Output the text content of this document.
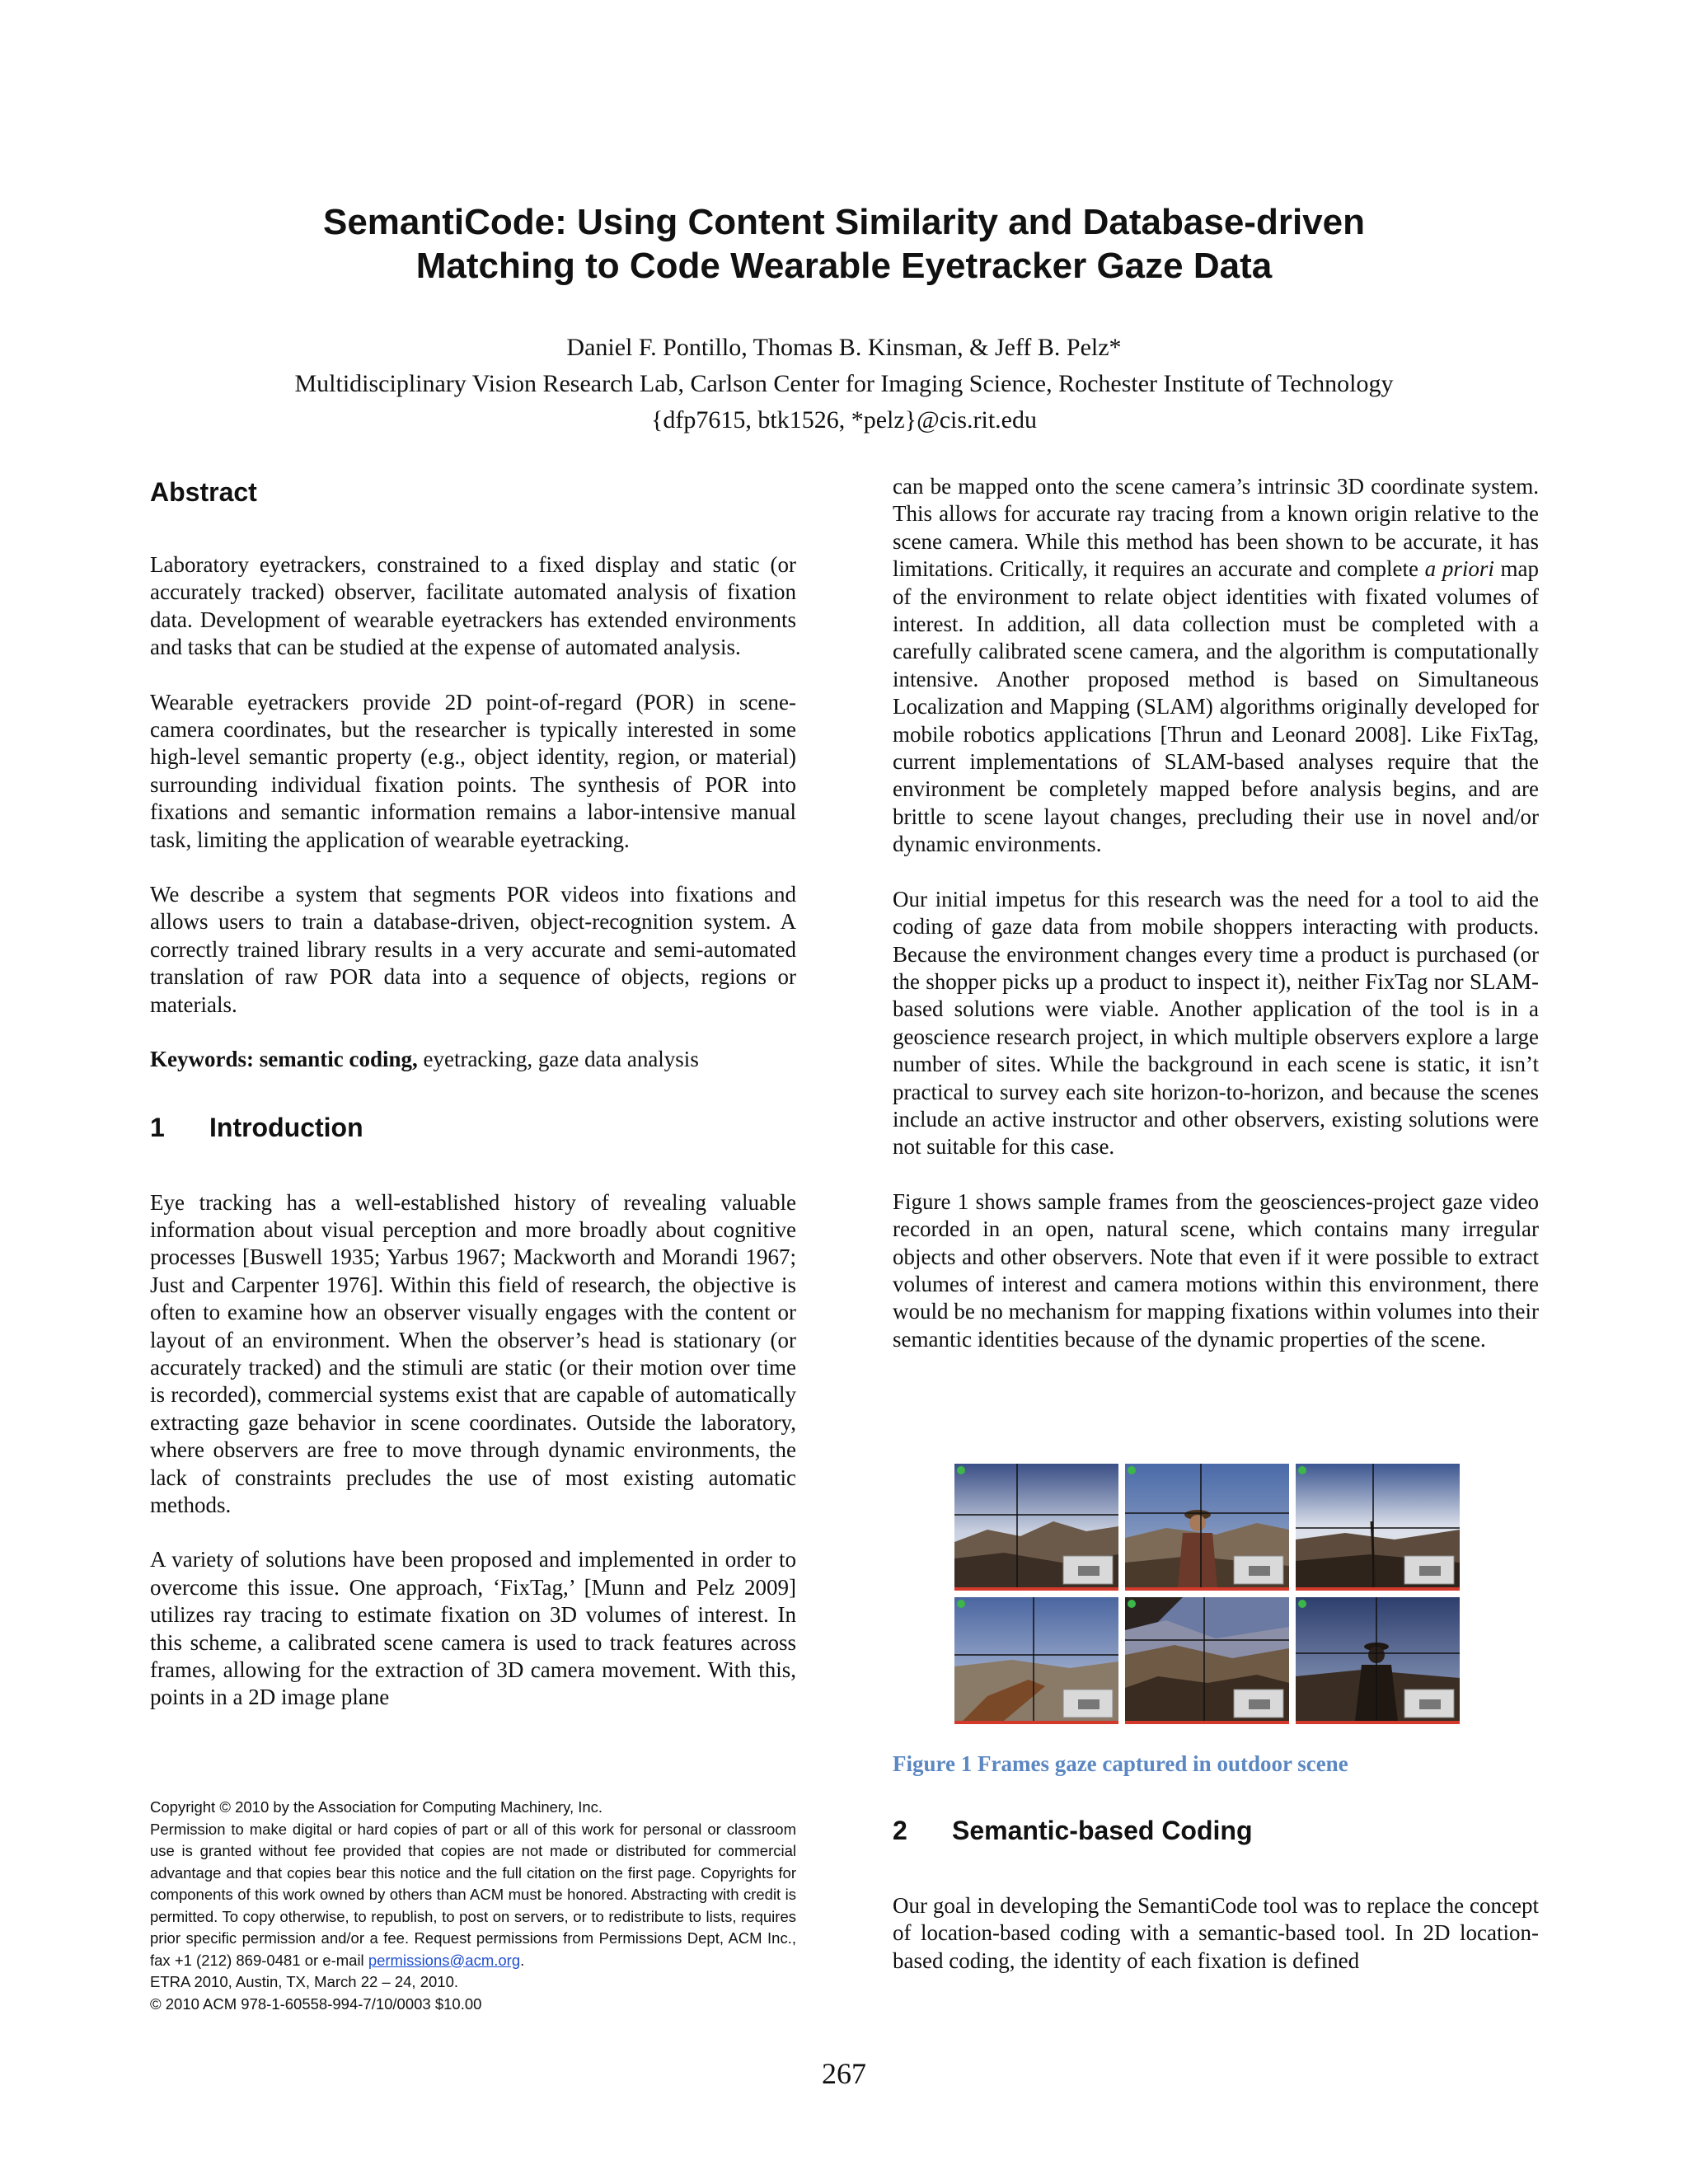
SemantiCode: Using Content Similarity and Database-driven
Matching to Code Wearable Eyetracker Gaze Data
Daniel F. Pontillo, Thomas B. Kinsman, & Jeff B. Pelz*
Multidisciplinary Vision Research Lab, Carlson Center for Imaging Science, Rochester Institute of Technology
{dfp7615, btk1526, *pelz}@cis.rit.edu
Abstract

Laboratory eyetrackers, constrained to a fixed display and static (or accurately tracked) observer, facilitate automated analysis of fixation data. Development of wearable eyetrackers has extended environments and tasks that can be studied at the expense of automated analysis.

Wearable eyetrackers provide 2D point-of-regard (POR) in scene-camera coordinates, but the researcher is typically interested in some high-level semantic property (e.g., object identity, region, or material) surrounding individual fixation points. The synthesis of POR into fixations and semantic information remains a labor-intensive manual task, limiting the application of wearable eyetracking.

We describe a system that segments POR videos into fixations and allows users to train a database-driven, object-recognition system. A correctly trained library results in a very accurate and semi-automated translation of raw POR data into a sequence of objects, regions or materials.

Keywords: semantic coding, eyetracking, gaze data analysis
1 Introduction

Eye tracking has a well-established history of revealing valuable information about visual perception and more broadly about cognitive processes [Buswell 1935; Yarbus 1967; Mackworth and Morandi 1967; Just and Carpenter 1976]. Within this field of research, the objective is often to examine how an observer visually engages with the content or layout of an environment. When the observer’s head is stationary (or accurately tracked) and the stimuli are static (or their motion over time is recorded), commercial systems exist that are capable of automatically extracting gaze behavior in scene coordinates. Outside the laboratory, where observers are free to move through dynamic environments, the lack of constraints precludes the use of most existing automatic methods.

A variety of solutions have been proposed and implemented in order to overcome this issue. One approach, ‘FixTag,’ [Munn and Pelz 2009] utilizes ray tracing to estimate fixation on 3D volumes of interest. In this scheme, a calibrated scene camera is used to track features across frames, allowing for the extraction of 3D camera movement. With this, points in a 2D image plane

Copyright © 2010 by the Association for Computing Machinery, Inc.
Permission to make digital or hard copies of part or all of this work for personal or classroom use is granted without fee provided that copies are not made or distributed for commercial advantage and that copies bear this notice and the full citation on the first page. Copyrights for components of this work owned by others than ACM must be honored. Abstracting with credit is permitted. To copy otherwise, to republish, to post on servers, or to redistribute to lists, requires prior specific permission and/or a fee. Request permissions from Permissions Dept, ACM Inc., fax +1 (212) 869-0481 or e-mail permissions@acm.org.
ETRA 2010, Austin, TX, March 22 – 24, 2010.
© 2010 ACM 978-1-60558-994-7/10/0003 $10.00

can be mapped onto the scene camera’s intrinsic 3D coordinate system. This allows for accurate ray tracing from a known origin relative to the scene camera. While this method has been shown to be accurate, it has limitations. Critically, it requires an accurate and complete a priori map of the environment to relate object identities with fixated volumes of interest. In addition, all data collection must be completed with a carefully calibrated scene camera, and the algorithm is computationally intensive. Another proposed method is based on Simultaneous Localization and Mapping (SLAM) algorithms originally developed for mobile robotics applications [Thrun and Leonard 2008]. Like FixTag, current implementations of SLAM-based analyses require that the environment be completely mapped before analysis begins, and are brittle to scene layout changes, precluding their use in novel and/or dynamic environments.

Our initial impetus for this research was the need for a tool to aid the coding of gaze data from mobile shoppers interacting with products. Because the environment changes every time a product is purchased (or the shopper picks up a product to inspect it), neither FixTag nor SLAM-based solutions were viable. Another application of the tool is in a geoscience research project, in which multiple observers explore a large number of sites. While the background in each scene is static, it isn’t practical to survey each site horizon-to-horizon, and because the scenes include an active instructor and other observers, existing solutions were not suitable for this case.

Figure 1 shows sample frames from the geosciences-project gaze video recorded in an open, natural scene, which contains many irregular objects and other observers. Note that even if it were possible to extract volumes of interest and camera motions within this environment, there would be no mechanism for mapping fixations within volumes into their semantic identities because of the dynamic properties of the scene.

Figure 1 Frames gaze captured in outdoor scene
2 Semantic-based Coding

Our goal in developing the SemantiCode tool was to replace the concept of location-based coding with a semantic-based tool. In 2D location-based coding, the identity of each fixation is defined

267
